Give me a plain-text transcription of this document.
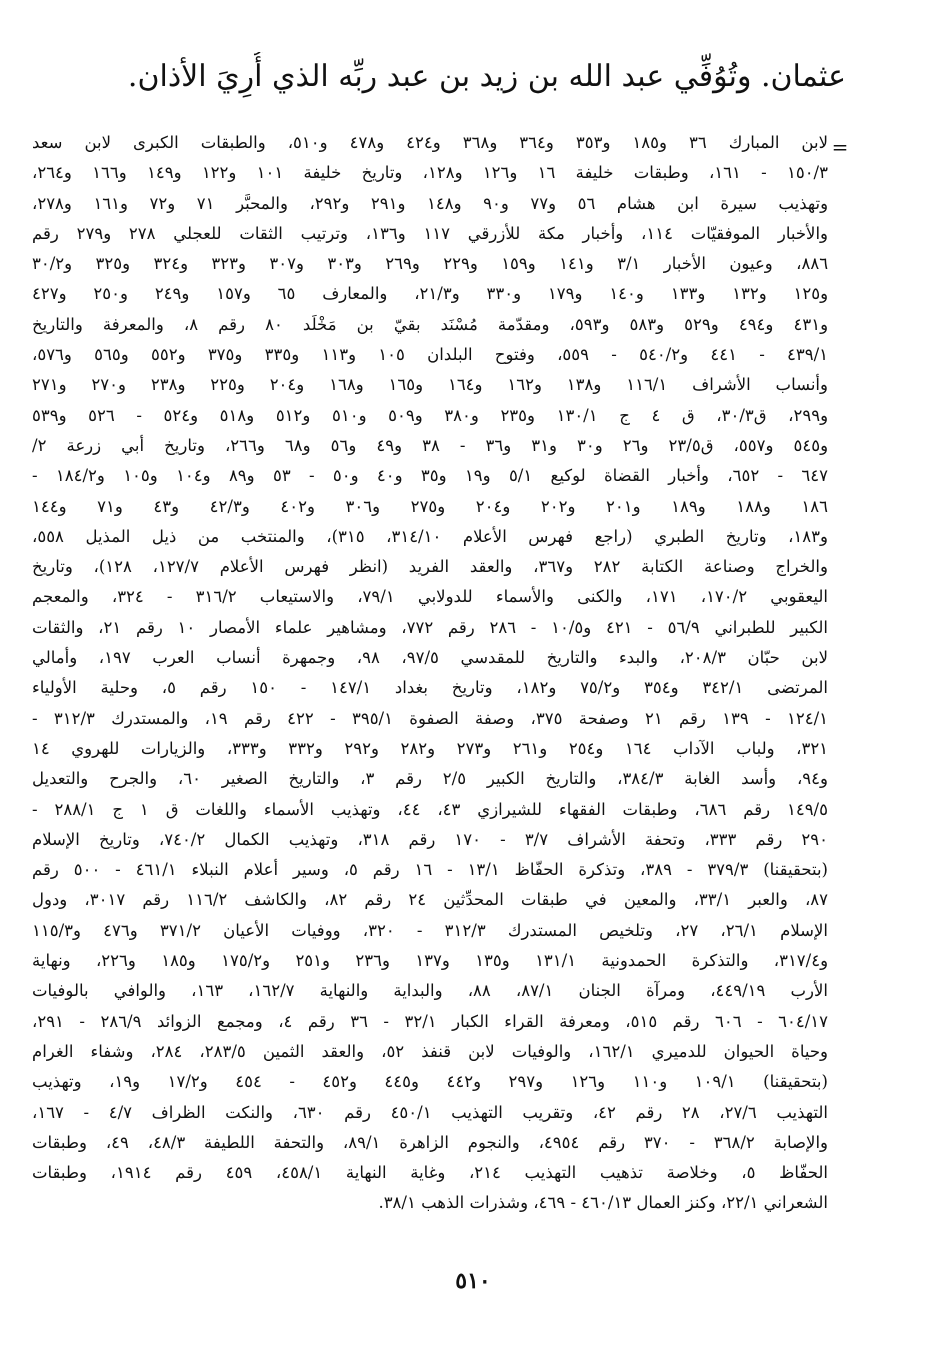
عثمان. وتُوُفِّي عبد الله بن زيد بن عبد ربِّه الذي أُرِيَ الأذان.
=
لابن المبارك ٣٦ و١٨٥ و٣٥٣ و٣٦٤ و٣٦٨ و٤٢٤ و٤٧٨ و٥١٠، والطبقات الكبرى لابن سعد
١٥٠/٣ - ١٦١، وطبقات خليفة ١٦ و١٢٦ و١٢٨، وتاريخ خليفة ١٠١ و١٢٢ و١٤٩ و١٦٦ و٢٦٤،
وتهذيب سيرة ابن هشام ٥٦ و٧٧ و٩٠ و١٤٨ و٢٩١ و٢٩٢، والمحبَّر ٧١ و٧٢ و١٦١ و٢٧٨،
والأخبار الموفقيّات ١١٤، وأخبار مكة للأزرقي ١١٧ و١٣٦، وترتيب الثقات للعجلي ٢٧٨ و٢٧٩ رقم
٨٨٦، وعيون الأخبار ٣/١ و١٤١ و١٥٩ و٢٢٩ و٢٦٩ و٣٠٣ و٣٠٧ و٣٢٣ و٣٢٤ و٣٢٥ و٣٠/٢
و١٢٥ و١٣٢ و١٣٣ و١٤٠ و١٧٩ و٣٣٠ و٢١/٣، والمعارف ٦٥ و١٥٧ و٢٤٩ و٢٥٠ و٤٢٧
و٤٣١ و٤٩٤ و٥٢٩ و٥٨٣ و٥٩٣، ومقدّمة مُسْنَد بقيّ بن مَخْلَد ٨٠ رقم ٨، والمعرفة والتاريخ
٤٣٩/١ - ٤٤١ و٥٤٠/٢ - ٥٥٩، وفتوح البلدان ١٠٥ و١١٣ و٣٣٥ و٣٧٥ و٥٥٢ و٥٦٥ و٥٧٦،
وأنساب الأشراف ١١٦/١ و١٣٨ و١٦٢ و١٦٤ و١٦٥ و١٦٨ و٢٠٤ و٢٢٥ و٢٣٨ و٢٧٠ و٢٧١
و٢٩٩، ق٣٠/٣، ق ٤ ج ١٣٠/١ و٢٣٥ و٣٨٠ و٥٠٩ و٥١٠ و٥١٢ و٥١٨ و٥٢٤ - ٥٢٦ و٥٣٩
و٥٤٥ و٥٥٧، ق٢٣/٥ و٢٦ و٣٠ و٣١ و٣٦ - ٣٨ و٤٩ و٥٦ و٦٨ و٢٦٦، وتاريخ أبي زرعة ٢/
٦٤٧ - ٦٥٢، وأخبار القضاة لوكيع ٥/١ و١٩ و٣٥ و٤٠ و٥٠ - ٥٣ و٨٩ و١٠٤ و١٠٥ و١٨٤/٢ -
١٨٦ و١٨٨ و١٨٩ و٢٠١ و٢٠٢ و٢٠٤ و٢٧٥ و٣٠٦ و٤٠٢ و٤٢/٣ و٤٣ و٧١ و١٤٤
و١٨٣، وتاريخ الطبري (راجع فهرس الأعلام ٣١٤/١٠، ٣١٥)، والمنتخب من ذيل المذيل ٥٥٨،
والخراج وصناعة الكتابة ٢٨٢ و٣٦٧، والعقد الفريد (انظر فهرس الأعلام ١٢٧/٧، ١٢٨)، وتاريخ
اليعقوبي ١٧٠/٢، ١٧١، والكنى والأسماء للدولابي ٧٩/١، والاستيعاب ٣١٦/٢ - ٣٢٤، والمعجم
الكبير للطبراني ٥٦/٩ - ٤٢١ و١٠/٥ - ٢٨٦ رقم ٧٧٢، ومشاهير علماء الأمصار ١٠ رقم ٢١، والثقات
لابن حبّان ٢٠٨/٣، والبدء والتاريخ للمقدسي ٩٧/٥، ٩٨، وجمهرة أنساب العرب ١٩٧، وأمالي
المرتضى ٣٤٢/١ و٣٥٤ و٧٥/٢ و١٨٢، وتاريخ بغداد ١٤٧/١ - ١٥٠ رقم ٥، وحلية الأولياء
١٢٤/١ - ١٣٩ رقم ٢١ وصفحة ٣٧٥، وصفة الصفوة ٣٩٥/١ - ٤٢٢ رقم ١٩، والمستدرك ٣١٢/٣ -
٣٢١، ولباب الآداب ١٦٤ و٢٥٤ و٢٦١ و٢٧٣ و٢٨٢ و٢٩٢ و٣٣٢ و٣٣٣، والزيارات للهروي ١٤
و٩٤، وأسد الغابة ٣٨٤/٣، والتاريخ الكبير ٢/٥ رقم ٣، والتاريخ الصغير ٦٠، والجرح والتعديل
١٤٩/٥ رقم ٦٨٦، وطبقات الفقهاء للشيرازي ٤٣، ٤٤، وتهذيب الأسماء واللغات ق ١ ج ٢٨٨/١ -
٢٩٠ رقم ٣٣٣، وتحفة الأشراف ٣/٧ - ١٧٠ رقم ٣١٨، وتهذيب الكمال ٧٤٠/٢، وتاريخ الإسلام
(بتحقيقنا) ٣٧٩/٣ - ٣٨٩، وتذكرة الحفّاظ ١٣/١ - ١٦ رقم ٥، وسير أعلام النبلاء ٤٦١/١ - ٥٠٠ رقم
٨٧، والعبر ٣٣/١، والمعين في طبقات المحدِّثين ٢٤ رقم ٨٢، والكاشف ١١٦/٢ رقم ٣٠١٧، ودول
الإسلام ٢٦/١، ٢٧، وتلخيص المستدرك ٣١٢/٣ - ٣٢٠، ووفيات الأعيان ٣٧١/٢ و٤٧٦ و١١٥/٣
و٣١٧/٤، والتذكرة الحمدونية ١٣١/١ و١٣٥ و١٣٧ و٢٣٦ و٢٥١ و١٧٥/٢ و١٨٥ و٢٢٦، ونهاية
الأرب ٤٤٩/١٩، ومرآة الجنان ٨٧/١، ٨٨، والبداية والنهاية ١٦٢/٧، ١٦٣، والوافي بالوفيات
٦٠٤/١٧ - ٦٠٦ رقم ٥١٥، ومعرفة القراء الكبار ٣٢/١ - ٣٦ رقم ٤، ومجمع الزوائد ٢٨٦/٩ - ٢٩١،
وحياة الحيوان للدميري ١٦٢/١، والوفيات لابن قنفذ ٥٢، والعقد الثمين ٢٨٣/٥، ٢٨٤، وشفاء الغرام
(بتحقيقنا) ١٠٩/١ و١١٠ و١٢٦ و٢٩٧ و٤٤٢ و٤٤٥ و٤٥٢ - ٤٥٤ و١٧/٢ و١٩، وتهذيب
التهذيب ٢٧/٦، ٢٨ رقم ٤٢، وتقريب التهذيب ٤٥٠/١ رقم ٦٣٠، والنكت الظراف ٤/٧ - ١٦٧،
والإصابة ٣٦٨/٢ - ٣٧٠ رقم ٤٩٥٤، والنجوم الزاهرة ٨٩/١، والتحفة اللطيفة ٤٨/٣، ٤٩، وطبقات
الحفّاظ ٥، وخلاصة تذهيب التهذيب ٢١٤، وغاية النهاية ٤٥٨/١، ٤٥٩ رقم ١٩١٤، وطبقات
الشعراني ٢٢/١، وكنز العمال ٤٦٠/١٣ - ٤٦٩، وشذرات الذهب ٣٨/١.
٥١٠
